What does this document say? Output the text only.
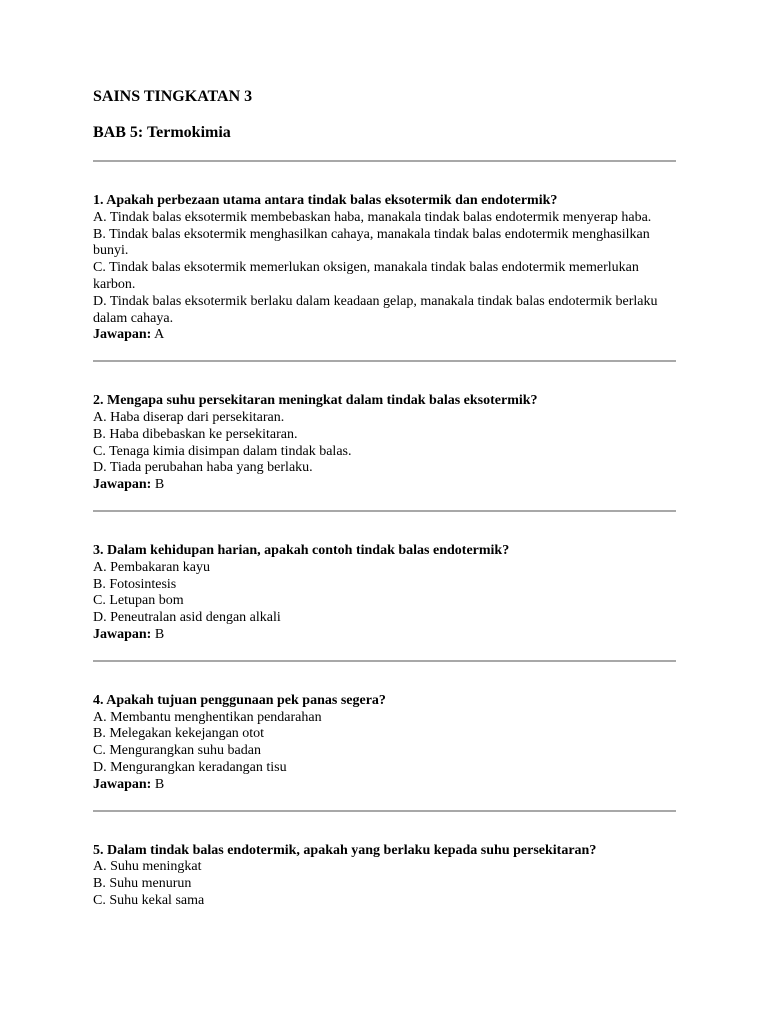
SAINS TINGKATAN 3
BAB 5: Termokimia
1. Apakah perbezaan utama antara tindak balas eksotermik dan endotermik?
A. Tindak balas eksotermik membebaskan haba, manakala tindak balas endotermik menyerap haba.
B. Tindak balas eksotermik menghasilkan cahaya, manakala tindak balas endotermik menghasilkan bunyi.
C. Tindak balas eksotermik memerlukan oksigen, manakala tindak balas endotermik memerlukan karbon.
D. Tindak balas eksotermik berlaku dalam keadaan gelap, manakala tindak balas endotermik berlaku dalam cahaya.
Jawapan: A
2. Mengapa suhu persekitaran meningkat dalam tindak balas eksotermik?
A. Haba diserap dari persekitaran.
B. Haba dibebaskan ke persekitaran.
C. Tenaga kimia disimpan dalam tindak balas.
D. Tiada perubahan haba yang berlaku.
Jawapan: B
3. Dalam kehidupan harian, apakah contoh tindak balas endotermik?
A. Pembakaran kayu
B. Fotosintesis
C. Letupan bom
D. Peneutralan asid dengan alkali
Jawapan: B
4. Apakah tujuan penggunaan pek panas segera?
A. Membantu menghentikan pendarahan
B. Melegakan kekejangan otot
C. Mengurangkan suhu badan
D. Mengurangkan keradangan tisu
Jawapan: B
5. Dalam tindak balas endotermik, apakah yang berlaku kepada suhu persekitaran?
A. Suhu meningkat
B. Suhu menurun
C. Suhu kekal sama
